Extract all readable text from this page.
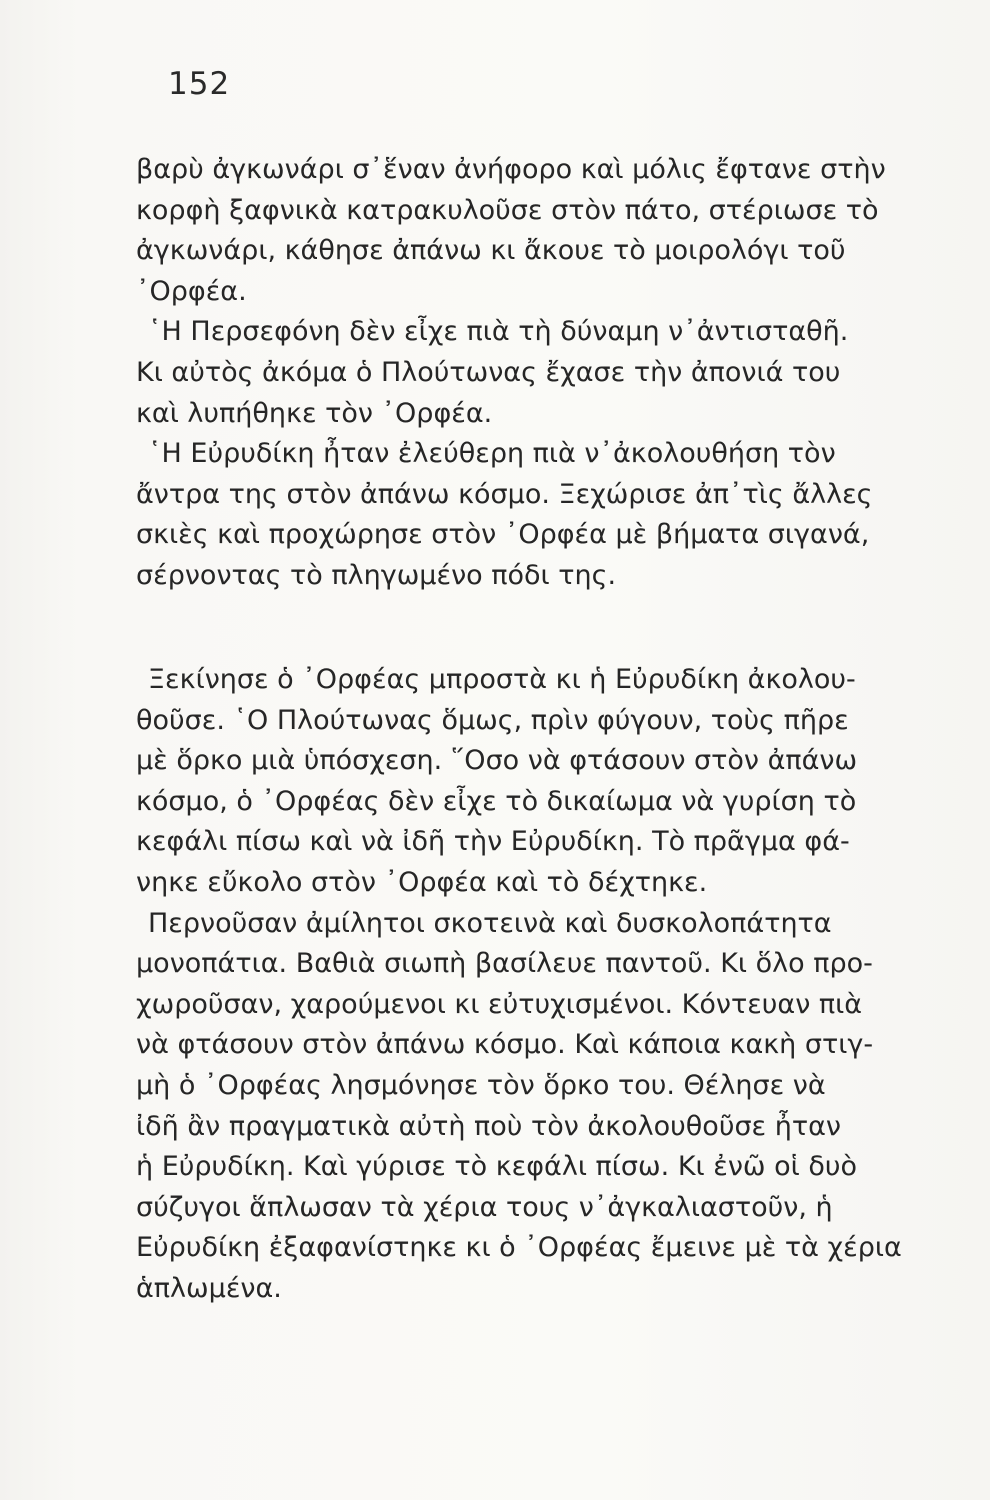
152
βαρὺ ἀγκωνάρι σ᾽ἕναν ἀνήφορο καὶ μόλις ἔφτανε στὴν
κορφὴ ξαφνικὰ κατρακυλοῦσε στὸν πάτο, στέριωσε τὸ
ἀγκωνάρι, κάθησε ἀπάνω κι ἄκουε τὸ μοιρολόγι τοῦ
᾽Ορφέα.
῾Η Περσεφόνη δὲν εἶχε πιὰ τὴ δύναμη ν᾽ἀντισταθῆ.
Κι αὐτὸς ἀκόμα ὁ Πλούτωνας ἔχασε τὴν ἀπονιά του
καὶ λυπήθηκε τὸν ᾽Ορφέα.
῾Η Εὐρυδίκη ἦταν ἐλεύθερη πιὰ ν᾽ἀκολουθήση τὸν
ἄντρα της στὸν ἀπάνω κόσμο. Ξεχώρισε ἀπ᾽τὶς ἄλλες
σκιὲς καὶ προχώρησε στὸν ᾽Ορφέα μὲ βήματα σιγανά,
σέρνοντας τὸ πληγωμένο πόδι της.
Ξεκίνησε ὁ ᾽Ορφέας μπροστὰ κι ἡ Εὐρυδίκη ἀκολου-
θοῦσε. ῾Ο Πλούτωνας ὅμως, πρὶν φύγουν, τοὺς πῆρε
μὲ ὅρκο μιὰ ὑπόσχεση. ῞Οσο νὰ φτάσουν στὸν ἀπάνω
κόσμο, ὁ ᾽Ορφέας δὲν εἶχε τὸ δικαίωμα νὰ γυρίση τὸ
κεφάλι πίσω καὶ νὰ ἰδῆ τὴν Εὐρυδίκη. Τὸ πρᾶγμα φά-
νηκε εὔκολο στὸν ᾽Ορφέα καὶ τὸ δέχτηκε.
Περνοῦσαν ἀμίλητοι σκοτεινὰ καὶ δυσκολοπάτητα
μονοπάτια. Βαθιὰ σιωπὴ βασίλευε παντοῦ. Κι ὅλο προ-
χωροῦσαν, χαρούμενοι κι εὐτυχισμένοι. Κόντευαν πιὰ
νὰ φτάσουν στὸν ἀπάνω κόσμο. Καὶ κάποια κακὴ στιγ-
μὴ ὁ ᾽Ορφέας λησμόνησε τὸν ὅρκο του. Θέλησε νὰ
ἰδῆ ἂν πραγματικὰ αὐτὴ ποὺ τὸν ἀκολουθοῦσε ἦταν
ἡ Εὐρυδίκη. Καὶ γύρισε τὸ κεφάλι πίσω. Κι ἐνῶ οἱ δυὸ
σύζυγοι ἅπλωσαν τὰ χέρια τους ν᾽ἀγκαλιαστοῦν, ἡ
Εὐρυδίκη ἐξαφανίστηκε κι ὁ ᾽Ορφέας ἔμεινε μὲ τὰ χέρια
ἁπλωμένα.
